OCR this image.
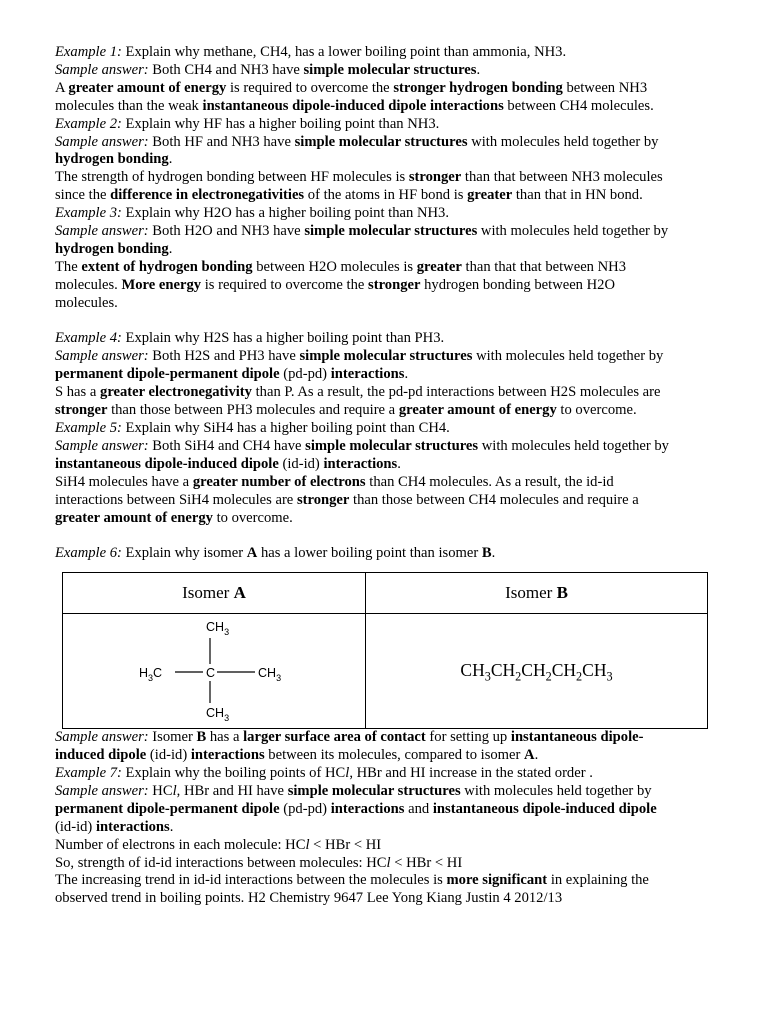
Example 1: Explain why methane, CH4, has a lower boiling point than ammonia, NH3.
Sample answer: Both CH4 and NH3 have simple molecular structures.
A greater amount of energy is required to overcome the stronger hydrogen bonding between NH3
molecules than the weak instantaneous dipole-induced dipole interactions between CH4 molecules.
Example 2: Explain why HF has a higher boiling point than NH3.
Sample answer: Both HF and NH3 have simple molecular structures with molecules held together by
hydrogen bonding.
The strength of hydrogen bonding between HF molecules is stronger than that between NH3 molecules
since the difference in electronegativities of the atoms in HF bond is greater than that in HN bond.
Example 3: Explain why H2O has a higher boiling point than NH3.
Sample answer: Both H2O and NH3 have simple molecular structures with molecules held together by
hydrogen bonding.
The extent of hydrogen bonding between H2O molecules is greater than that that between NH3
molecules. More energy is required to overcome the stronger hydrogen bonding between H2O
molecules.
Example 4: Explain why H2S has a higher boiling point than PH3.
Sample answer: Both H2S and PH3 have simple molecular structures with molecules held together by
permanent dipole-permanent dipole (pd-pd) interactions.
S has a greater electronegativity than P. As a result, the pd-pd interactions between H2S molecules are
stronger than those between PH3 molecules and require a greater amount of energy to overcome.
Example 5: Explain why SiH4 has a higher boiling point than CH4.
Sample answer: Both SiH4 and CH4 have simple molecular structures with molecules held together by
instantaneous dipole-induced dipole (id-id) interactions.
SiH4 molecules have a greater number of electrons than CH4 molecules. As a result, the id-id
interactions between SiH4 molecules are stronger than those between CH4 molecules and require a
greater amount of energy to overcome.
Example 6: Explain why isomer A has a lower boiling point than isomer B.
Isomer A	Isomer B

$CH_3$
$H_3C$ C $CH_3$
$CH_3$	$CH_3CH_2CH_2CH_2CH_3$
Sample answer: Isomer B has a larger surface area of contact for setting up instantaneous dipole-
induced dipole (id-id) interactions between its molecules, compared to isomer A.
Example 7: Explain why the boiling points of HCl, HBr and HI increase in the stated order .
Sample answer: HCl, HBr and HI have simple molecular structures with molecules held together by
permanent dipole-permanent dipole (pd-pd) interactions and instantaneous dipole-induced dipole
(id-id) interactions.
Number of electrons in each molecule: HCl < HBr < HI
So, strength of id-id interactions between molecules: HCl < HBr < HI
The increasing trend in id-id interactions between the molecules is more significant in explaining the
observed trend in boiling points. H2 Chemistry 9647 Lee Yong Kiang Justin 4 2012/13
